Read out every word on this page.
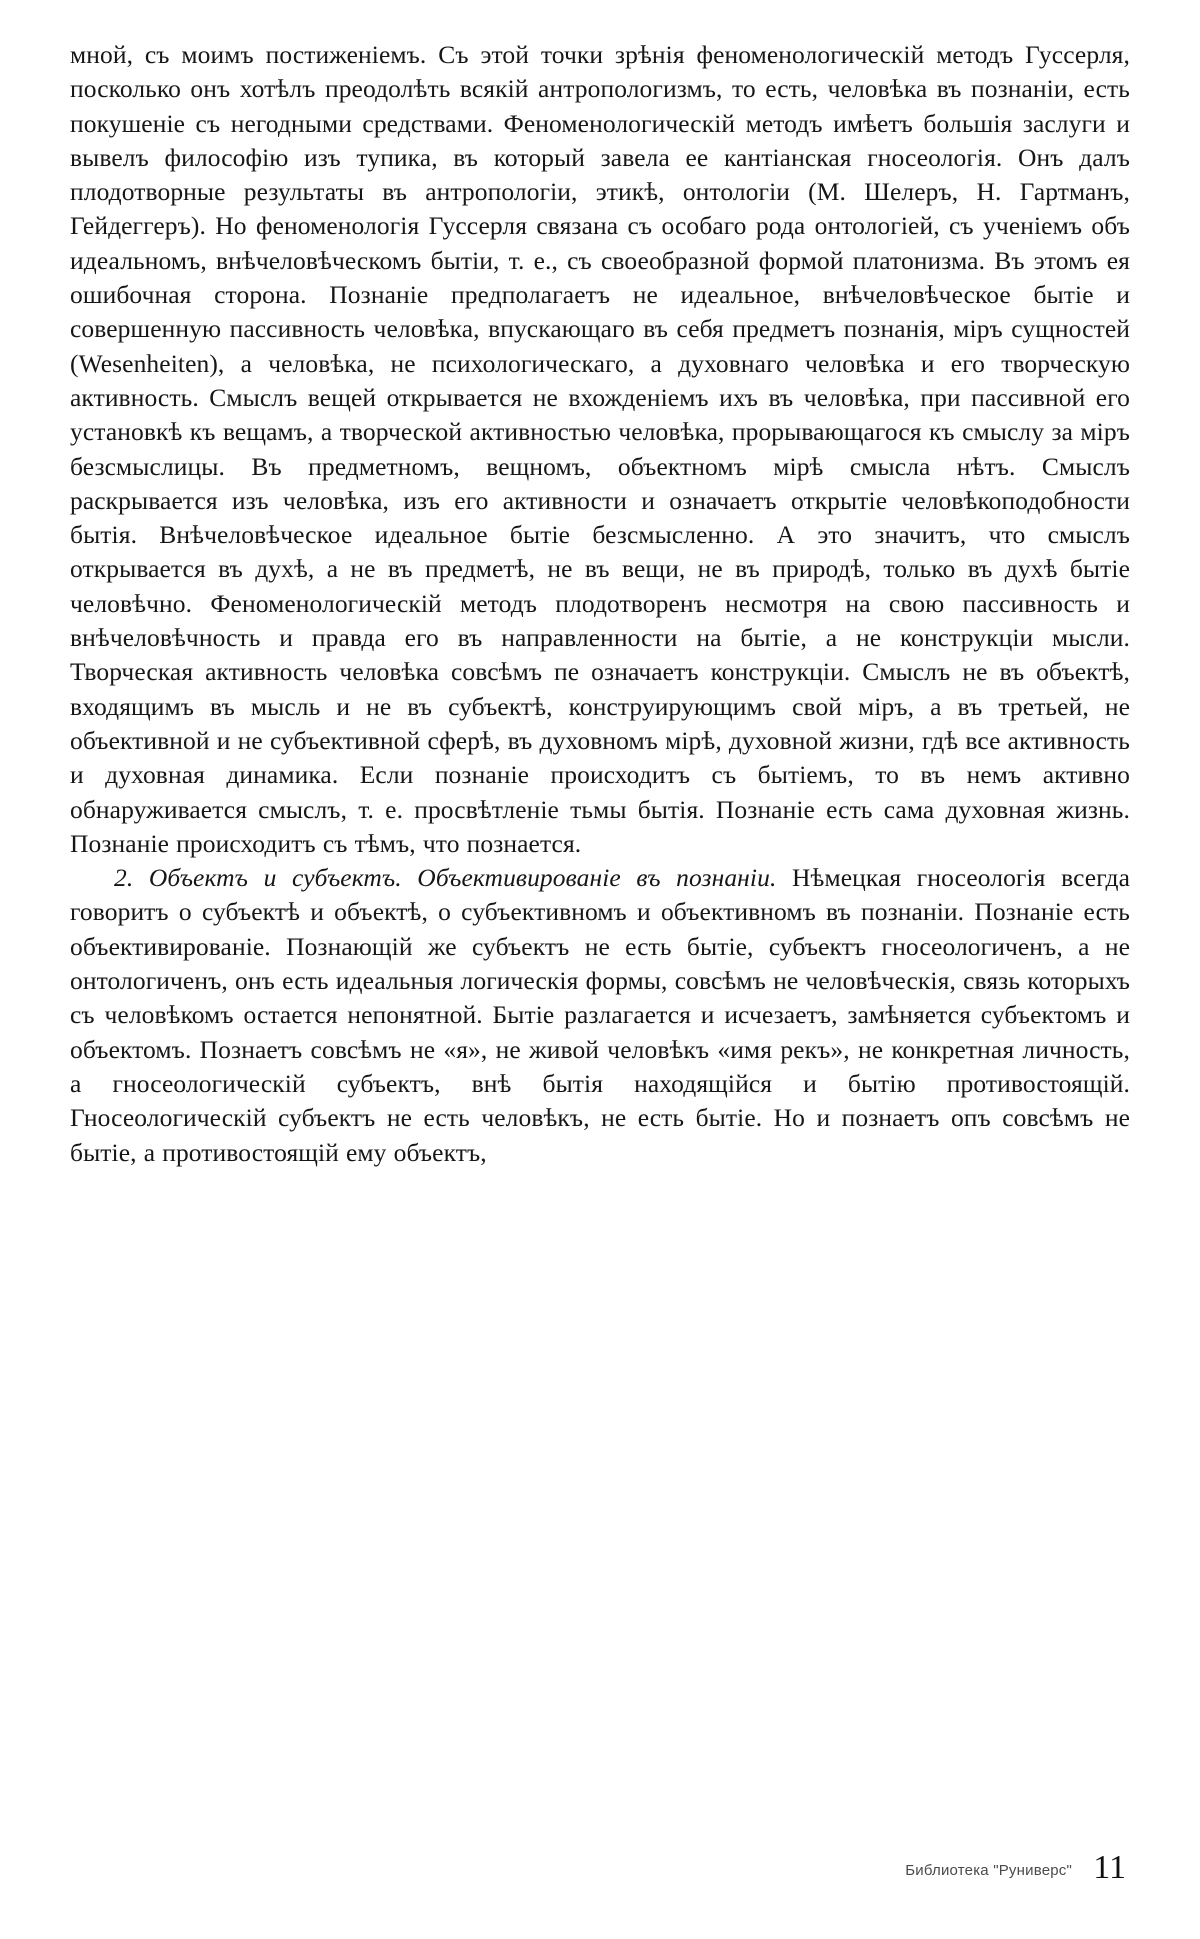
мной, съ моимъ постиженіемъ. Съ этой точки зрѣнія феноменологическій методъ Гуссерля, посколько онъ хотѣлъ преодолѣть всякій антропологизмъ, то есть, человѣка въ познаніи, есть покушеніе съ негодными средствами. Феноменологическій методъ имѣетъ большія заслуги и вывелъ философію изъ тупика, въ который завела ее кантіанская гносеологія. Онъ далъ плодотворные результаты въ антропологіи, этикѣ, онтологіи (М. Шелеръ, Н. Гартманъ, Гейдеггеръ). Но феноменологія Гуссерля связана съ особаго рода онтологіей, съ ученіемъ объ идеальномъ, внѣчеловѣческомъ бытіи, т. е., съ своеобразной формой платонизма. Въ этомъ ея ошибочная сторона. Познаніе предполагаетъ не идеальное, внѣчеловѣческое бытіе и совершенную пассивность человѣка, впускающаго въ себя предметъ познанія, міръ сущностей (Wesenheiten), а человѣка, не психологическаго, а духовнаго человѣка и его творческую активность. Смыслъ вещей открывается не вхожденіемъ ихъ въ человѣка, при пассивной его установкѣ къ вещамъ, а творческой активностью человѣка, прорывающагося къ смыслу за міръ безсмыслицы. Въ предметномъ, вещномъ, объектномъ мірѣ смысла нѣтъ. Смыслъ раскрывается изъ человѣка, изъ его активности и означаетъ открытіе человѣкоподобности бытія. Внѣчеловѣческое идеальное бытіе безсмысленно. А это значитъ, что смыслъ открывается въ духѣ, а не въ предметѣ, не въ вещи, не въ природѣ, только въ духѣ бытіе человѣчно. Феноменологическій методъ плодотворенъ несмотря на свою пассивность и внѣчеловѣчность и правда его въ направленности на бытіе, а не конструкціи мысли. Творческая активность человѣка совсѣмъ пе означаетъ конструкціи. Смыслъ не въ объектѣ, входящимъ въ мысль и не въ субъектѣ, конструирующимъ свой міръ, а въ третьей, не объективной и не субъективной сферѣ, въ духовномъ мірѣ, духовной жизни, гдѣ все активность и духовная динамика. Если познаніе происходитъ съ бытіемъ, то въ немъ активно обнаруживается смыслъ, т. е. просвѣтленіе тьмы бытія. Познаніе есть сама духовная жизнь. Познаніе происходитъ съ тѣмъ, что познается.

2. Объектъ и субъектъ. Объективированіе въ познаніи. Нѣмецкая гносеологія всегда говоритъ о субъектѣ и объектѣ, о субъективномъ и объективномъ въ познаніи. Познаніе есть объективированіе. Познающій же субъектъ не есть бытіе, субъектъ гносеологиченъ, а не онтологиченъ, онъ есть идеальныя логическія формы, совсѣмъ не человѣческія, связь которыхъ съ человѣкомъ остается непонятной. Бытіе разлагается и исчезаетъ, замѣняется субъектомъ и объектомъ. Познаетъ совсѣмъ не «я», не живой человѣкъ «имя рекъ», не конкретная личность, а гносеологическій субъектъ, внѣ бытія находящійся и бытію противостоящій. Гносеологическій субъектъ не есть человѣкъ, не есть бытіе. Но и познаетъ опъ совсѣмъ не бытіе, а противостоящій ему объектъ,

Библиотека "Руниверс" 11
